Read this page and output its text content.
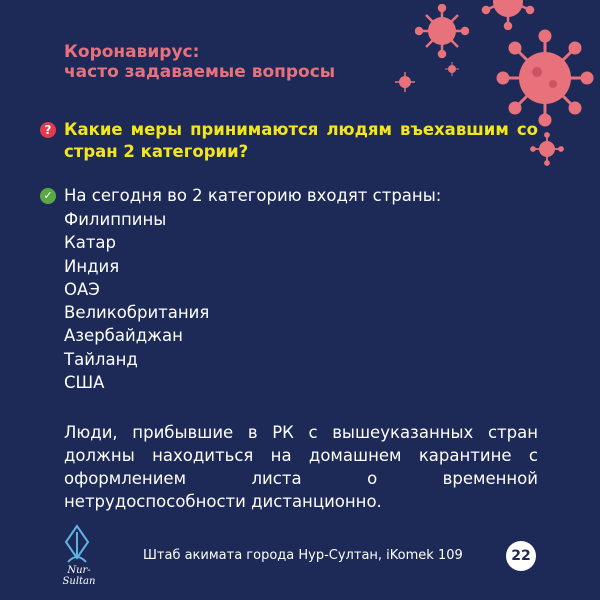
Коронавирус:
часто задаваемые вопросы
? Какие меры принимаются людям въехавшим со стран 2 категории?
✓ На сегодня во 2 категорию входят страны:
Филиппины
Катар
Индия
ОАЭ
Великобритания
Азербайджан
Тайланд
США

Люди, прибывшие в РК с вышеуказанных стран должны находиться на домашнем карантине с оформлением листа о временной нетрудоспособности дистанционно.

Nur-Sultan
Штаб акимата города Нур-Султан, iKomek 109	22
